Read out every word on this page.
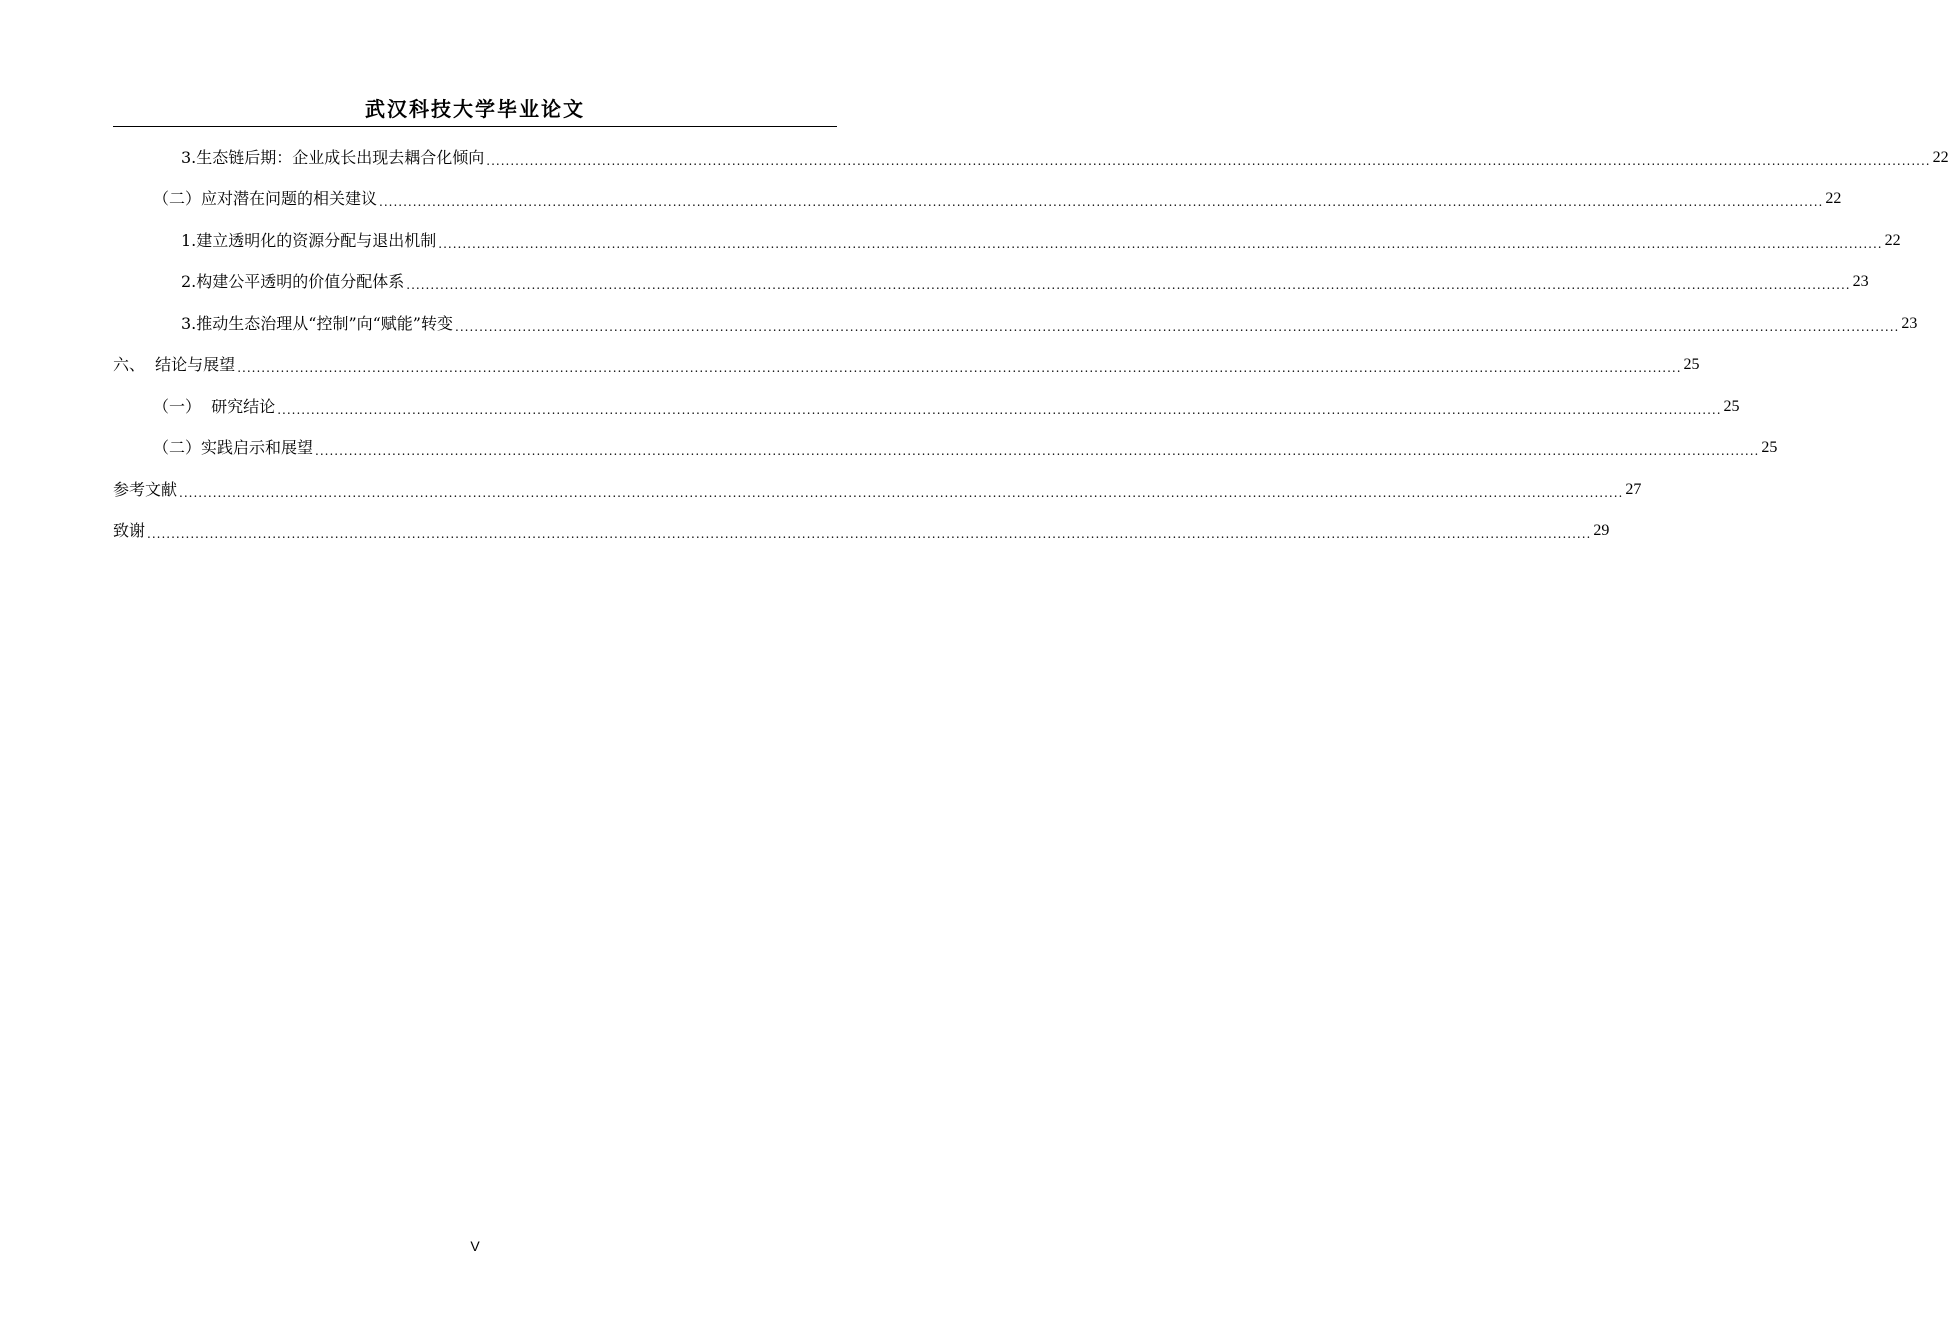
武汉科技大学毕业论文
3.生态链后期：企业成长出现去耦合化倾向 ............................................................................................................................................................................................................................................................................................................ 22
（二）应对潜在问题的相关建议 ............................................................................................................................................................................................................................................................................................................ 22
1.建立透明化的资源分配与退出机制 ............................................................................................................................................................................................................................................................................................................ 22
2.构建公平透明的价值分配体系 ............................................................................................................................................................................................................................................................................................................ 23
3.推动生态治理从“控制”向“赋能”转变 ............................................................................................................................................................................................................................................................................................................ 23
六、  结论与展望 ............................................................................................................................................................................................................................................................................................................ 25
（一）  研究结论 ............................................................................................................................................................................................................................................................................................................ 25
（二）实践启示和展望 ............................................................................................................................................................................................................................................................................................................ 25
参考文献 ............................................................................................................................................................................................................................................................................................................ 27
致谢 ............................................................................................................................................................................................................................................................................................................ 29
V
